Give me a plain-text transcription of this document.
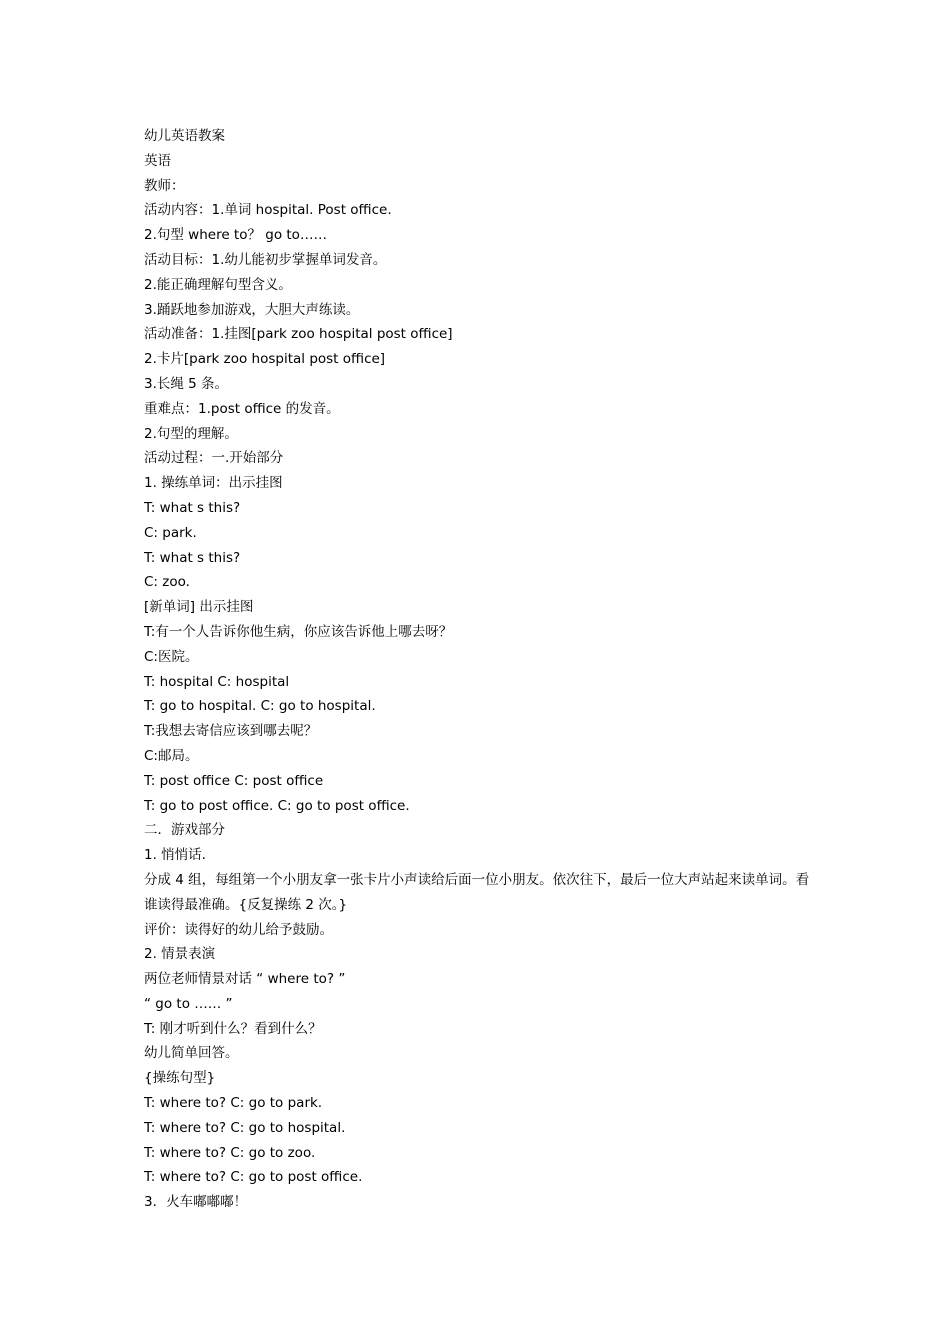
幼儿英语教案
英语
教师：
活动内容：1.单词 hospital. Post office.
2.句型 where to？ go to……
活动目标：1.幼儿能初步掌握单词发音。
2.能正确理解句型含义。
3.踊跃地参加游戏，大胆大声练读。
活动准备：1.挂图[park zoo hospital post office]
2.卡片[park zoo hospital post office]
3.长绳 5 条。
重难点：1.post office 的发音。
2.句型的理解。
活动过程：一.开始部分
1. 操练单词：出示挂图
T: what s this?
C: park.
T: what s this?
C: zoo.
[新单词] 出示挂图
T:有一个人告诉你他生病，你应该告诉他上哪去呀？
C:医院。
T: hospital C: hospital
T: go to hospital. C: go to hospital.
T:我想去寄信应该到哪去呢？
C:邮局。
T: post office C: post office
T: go to post office. C: go to post office.
二．游戏部分
1. 悄悄话.
分成 4 组，每组第一个小朋友拿一张卡片小声读给后面一位小朋友。依次往下，最后一位大声站起来读单词。看谁读得最准确。{反复操练 2 次。}
评价：读得好的幼儿给予鼓励。
2. 情景表演
两位老师情景对话 “ where to? ”
“ go to …… ”
T: 刚才听到什么？看到什么？
幼儿简单回答。
{操练句型}
T: where to? C: go to park.
T: where to? C: go to hospital.
T: where to? C: go to zoo.
T: where to? C: go to post office.
3．火车嘟嘟嘟！
